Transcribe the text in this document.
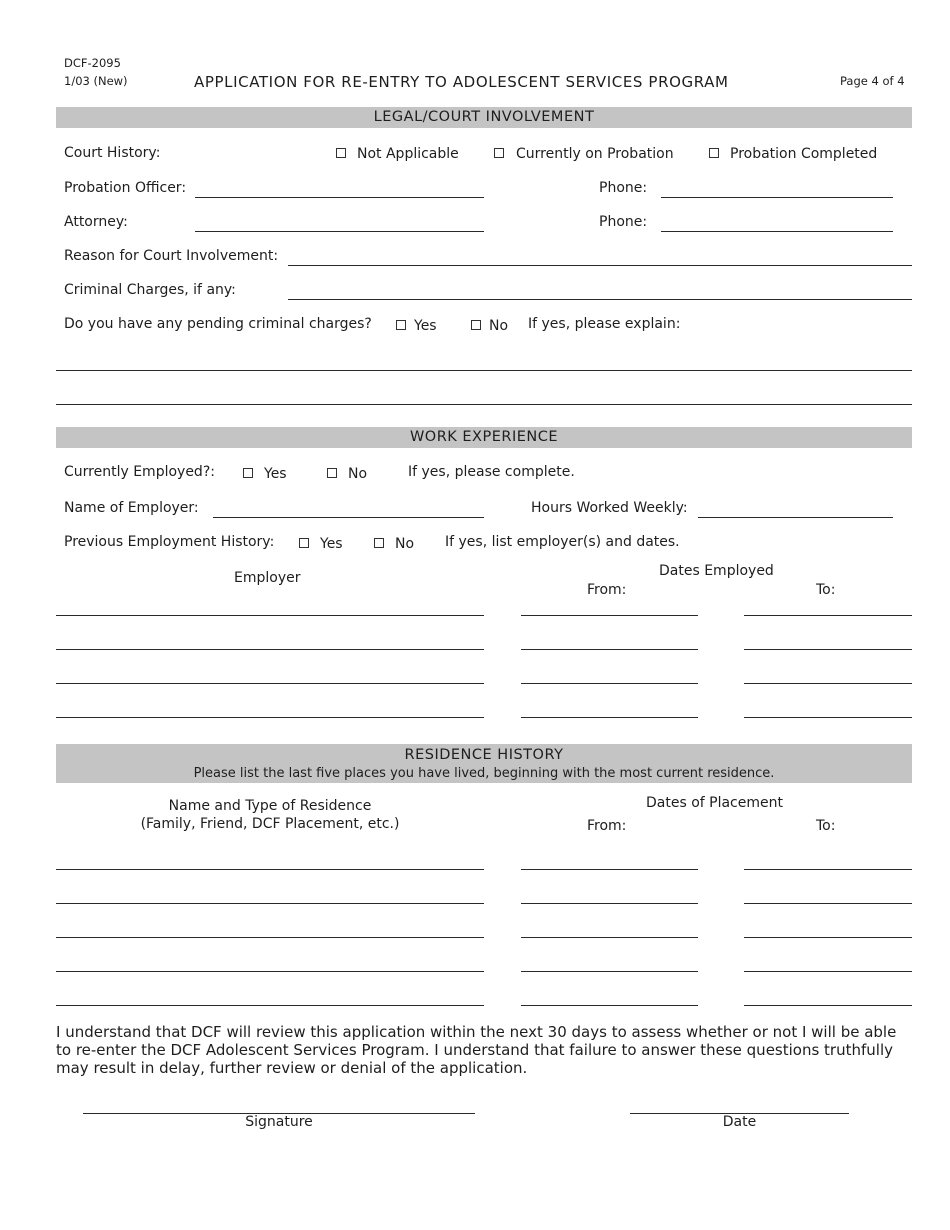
DCF-2095
1/03 (New)	APPLICATION FOR RE-ENTRY TO ADOLESCENT SERVICES PROGRAM	Page 4 of 4
LEGAL/COURT INVOLVEMENT
Court History:	Not Applicable	Currently on Probation	Probation Completed
Probation Officer:	Phone:
Attorney:	Phone:
Reason for Court Involvement:
Criminal Charges, if any:
Do you have any pending criminal charges?	Yes	No If yes, please explain:
WORK EXPERIENCE
Currently Employed?:	Yes	No	If yes, please complete.
Name of Employer:	Hours Worked Weekly:
Previous Employment History:	Yes	No If yes, list employer(s) and dates.
Employer	Dates Employed
From:	To:
RESIDENCE HISTORY
Please list the last five places you have lived, beginning with the most current residence.
Name and Type of Residence
(Family, Friend, DCF Placement, etc.)
Dates of Placement
From:	To:
I understand that DCF will review this application within the next 30 days to assess whether or not I will be able to re-enter the DCF Adolescent Services Program. I understand that failure to answer these questions truthfully may result in delay, further review or denial of the application.
Signature	Date
